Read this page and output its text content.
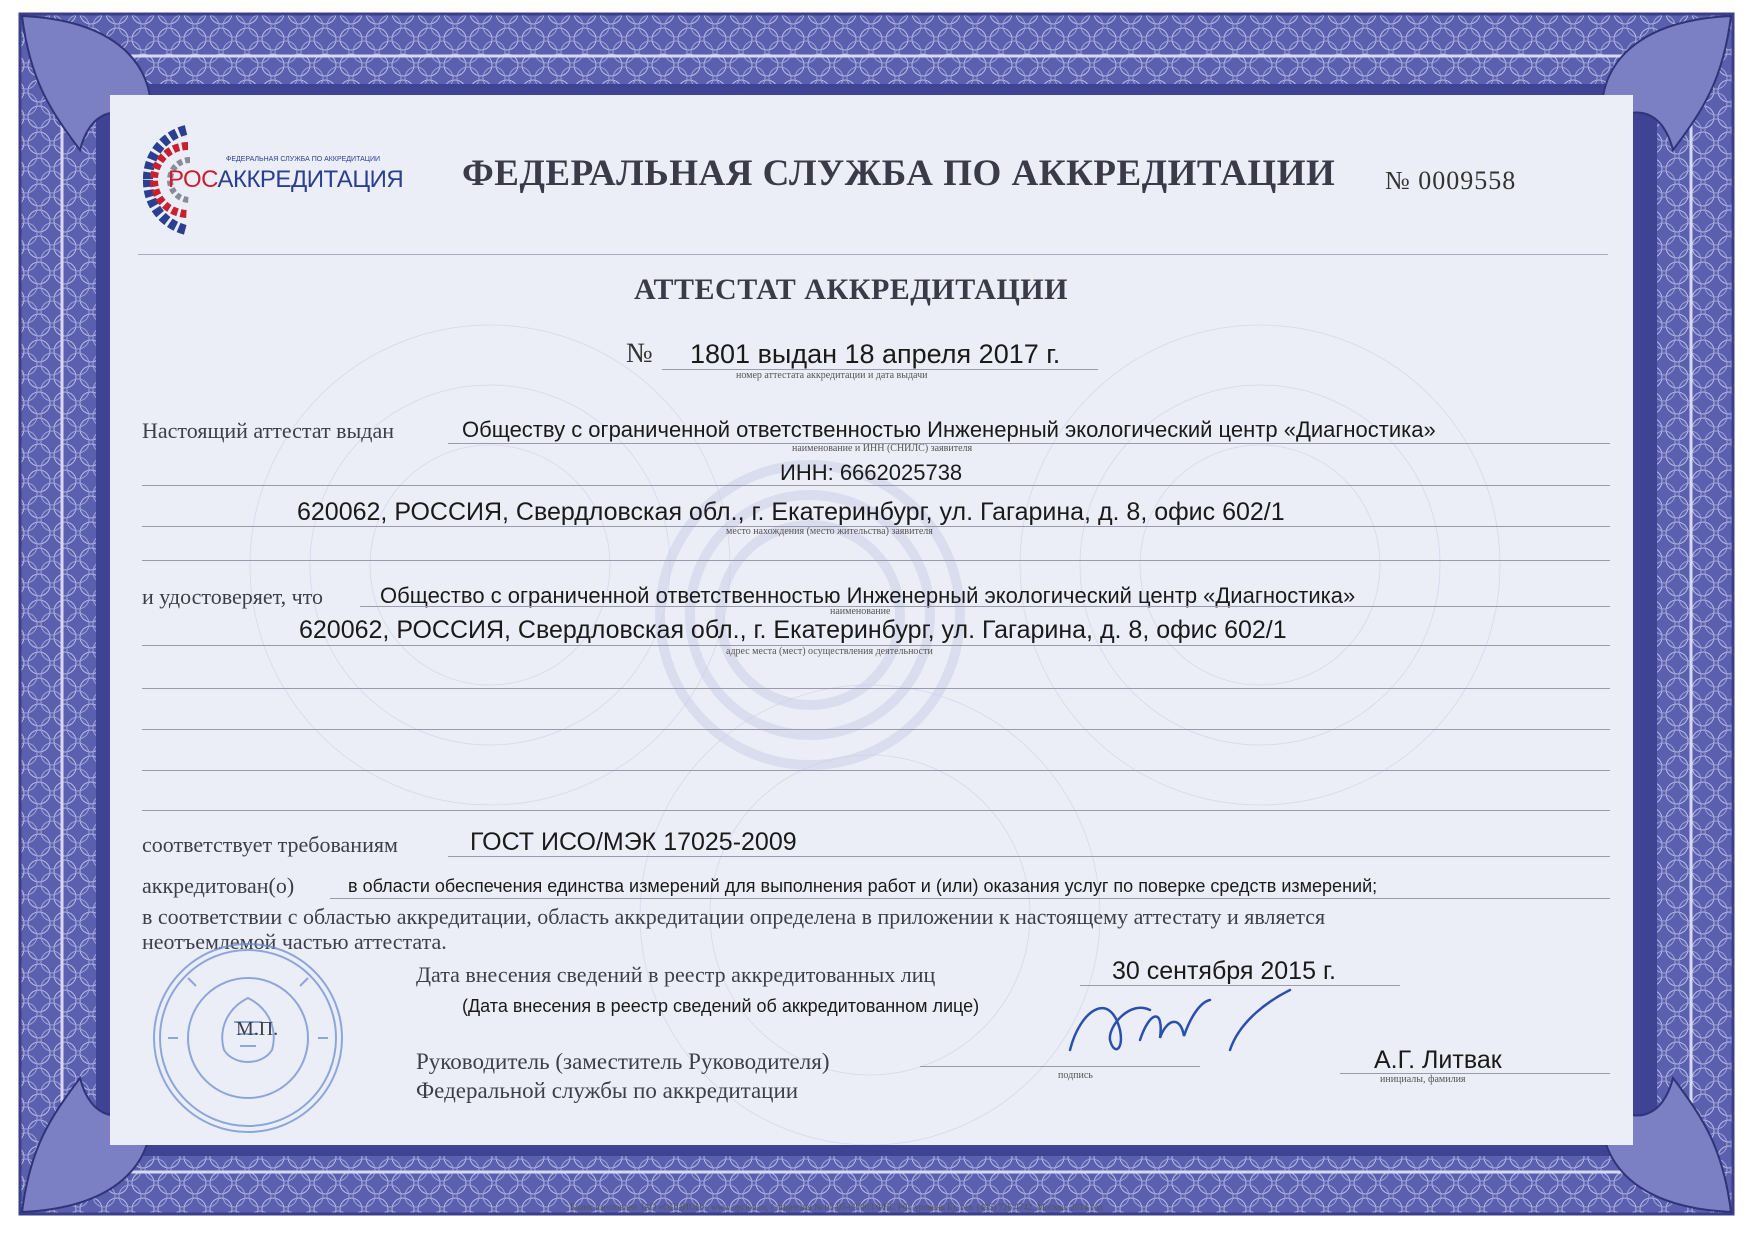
ФЕДЕРАЛЬНАЯ СЛУЖБА ПО АККРЕДИТАЦИИ
РОСАККРЕДИТАЦИЯ ФЕДЕРАЛЬНАЯ СЛУЖБА ПО АККРЕДИТАЦИИ № 0009558
АТТЕСТАТ АККРЕДИТАЦИИ
№ 1801 выдан 18 апреля 2017 г.
номер аттестата аккредитации и дата выдачи
Настоящий аттестат выдан	Обществу с ограниченной ответственностью Инженерный экологический центр «Диагностика»
наименование и ИНН (СНИЛС) заявителя
ИНН: 6662025738
620062, РОССИЯ, Свердловская обл., г. Екатеринбург, ул. Гагарина, д. 8, офис 602/1
место нахождения (место жительства) заявителя
и удостоверяет, что	Общество с ограниченной ответственностью Инженерный экологический центр «Диагностика»
наименование
620062, РОССИЯ, Свердловская обл., г. Екатеринбург, ул. Гагарина, д. 8, офис 602/1
адрес места (мест) осуществления деятельности
соответствует требованиям	ГОСТ ИСО/МЭК 17025-2009
аккредитован(о)	в области обеспечения единства измерений для выполнения работ и (или) оказания услуг по поверке средств измерений;
в соответствии с областью аккредитации, область аккредитации определена в приложении к настоящему аттестату и является
неотъемлемой частью аттестата.
Дата внесения сведений в реестр аккредитованных лиц	30 сентября 2015 г.
(Дата внесения в реестр сведений об аккредитованном лице)
М.П.
Руководитель (заместитель Руководителя)
Федеральной службы по аккредитации
подпись
А.Г. Литвак
инициалы, фамилия
Бланк изготовлен ЗАО «ОПЦИОН», www.opcion.ru, ( лицензия № 05-05-09/003 ФНС РФ, уровень Б), тел. (495) 726 4742, Москва, 2014 год
